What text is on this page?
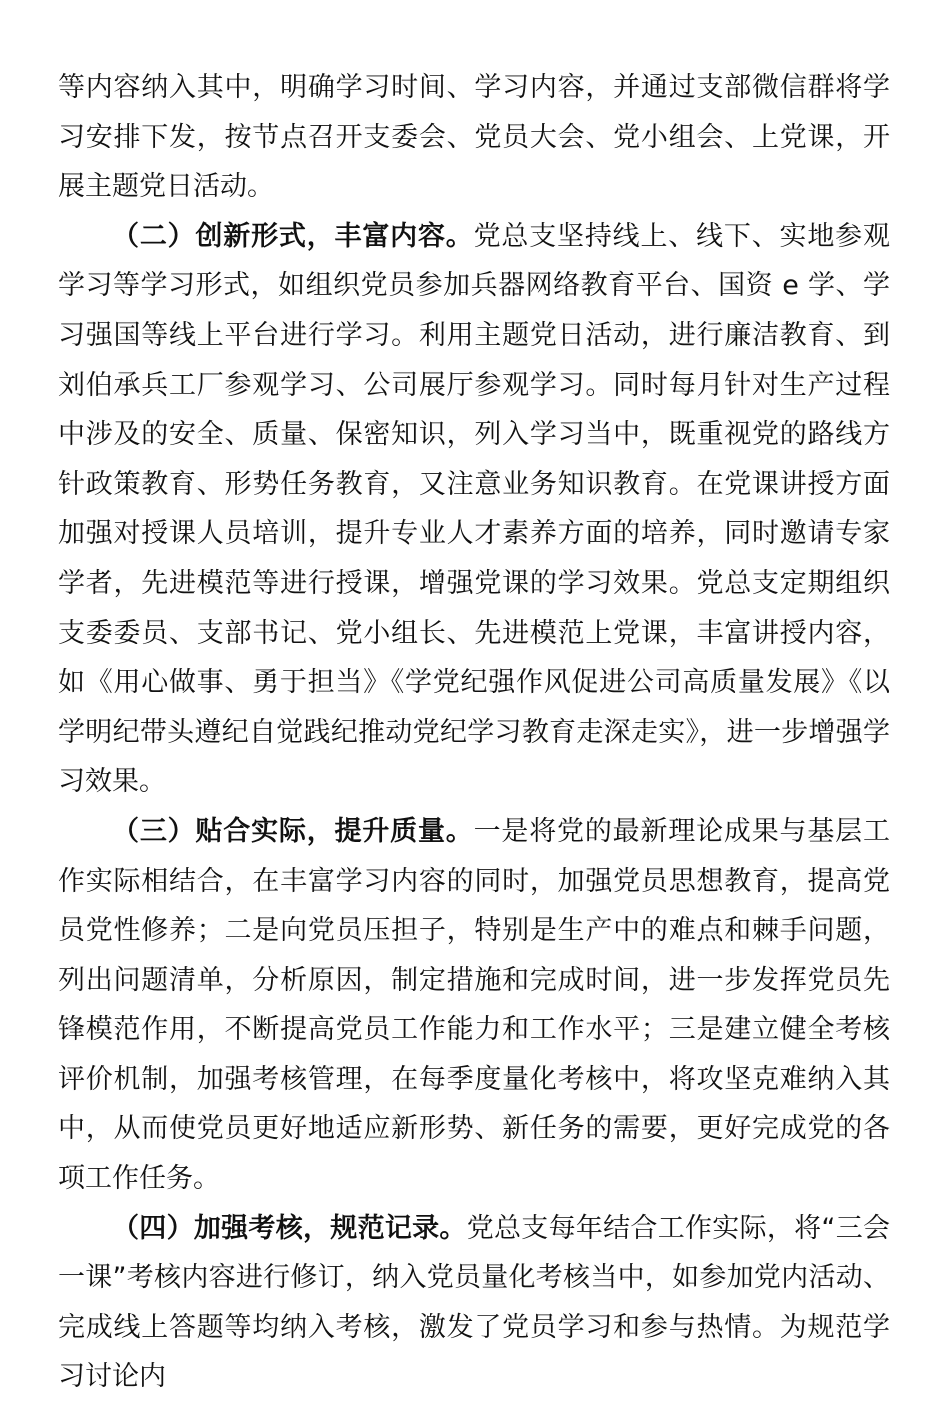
等内容纳入其中，明确学习时间、学习内容，并通过支部微信群将学习安排下发，按节点召开支委会、党员大会、党小组会、上党课，开展主题党日活动。

（二）创新形式，丰富内容。党总支坚持线上、线下、实地参观学习等学习形式，如组织党员参加兵器网络教育平台、国资 e 学、学习强国等线上平台进行学习。利用主题党日活动，进行廉洁教育、到刘伯承兵工厂参观学习、公司展厅参观学习。同时每月针对生产过程中涉及的安全、质量、保密知识，列入学习当中，既重视党的路线方针政策教育、形势任务教育，又注意业务知识教育。在党课讲授方面加强对授课人员培训，提升专业人才素养方面的培养，同时邀请专家学者，先进模范等进行授课，增强党课的学习效果。党总支定期组织支委委员、支部书记、党小组长、先进模范上党课，丰富讲授内容，如《用心做事、勇于担当》《学党纪强作风促进公司高质量发展》《以学明纪带头遵纪自觉践纪推动党纪学习教育走深走实》，进一步增强学习效果。

（三）贴合实际，提升质量。一是将党的最新理论成果与基层工作实际相结合，在丰富学习内容的同时，加强党员思想教育，提高党员党性修养；二是向党员压担子，特别是生产中的难点和棘手问题，列出问题清单，分析原因，制定措施和完成时间，进一步发挥党员先锋模范作用，不断提高党员工作能力和工作水平；三是建立健全考核评价机制，加强考核管理，在每季度量化考核中，将攻坚克难纳入其中，从而使党员更好地适应新形势、新任务的需要，更好完成党的各项工作任务。

（四）加强考核，规范记录。党总支每年结合工作实际，将“三会一课”考核内容进行修订，纳入党员量化考核当中，如参加党内活动、完成线上答题等均纳入考核，激发了党员学习和参与热情。为规范学习讨论内
